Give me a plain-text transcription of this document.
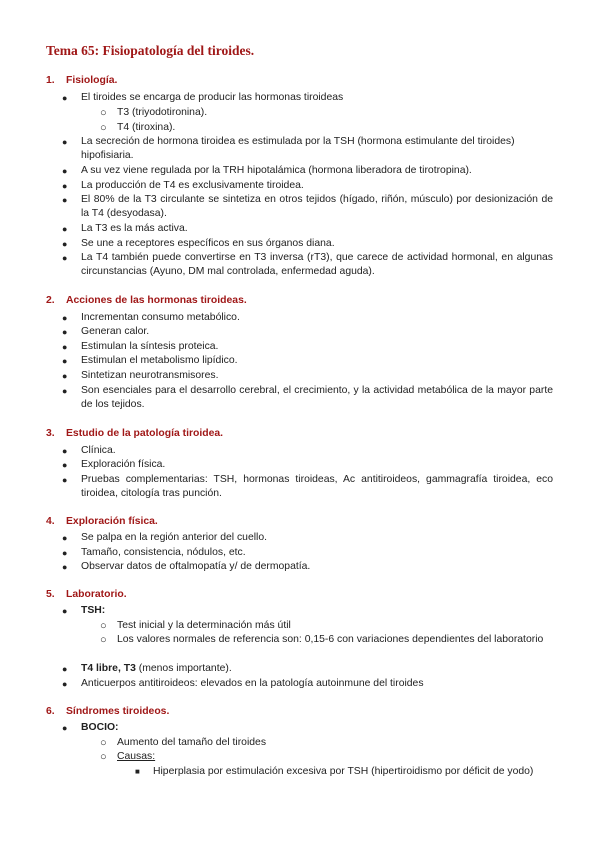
Tema 65: Fisiopatología del tiroides.
1. Fisiología.
● El tiroides se encarga de producir las hormonas tiroideas
○ T3 (triyodotironina).
○ T4 (tiroxina).
● La secreción de hormona tiroidea es estimulada por la TSH (hormona estimulante del tiroides) hipofisiaria.
● A su vez viene regulada por la TRH hipotalámica (hormona liberadora de tirotropina).
● La producción de T4 es exclusivamente tiroidea.
● El 80% de la T3 circulante se sintetiza en otros tejidos (hígado, riñón, músculo) por desionización de la T4 (desyodasa).
● La T3 es la más activa.
● Se une a receptores específicos en sus órganos diana.
● La T4 también puede convertirse en T3 inversa (rT3), que carece de actividad hormonal, en algunas circunstancias (Ayuno, DM mal controlada, enfermedad aguda).
2. Acciones de las hormonas tiroideas.
● Incrementan consumo metabólico.
● Generan calor.
● Estimulan la síntesis proteica.
● Estimulan el metabolismo lipídico.
● Sintetizan neurotransmisores.
● Son esenciales para el desarrollo cerebral, el crecimiento, y la actividad metabólica de la mayor parte de los tejidos.
3. Estudio de la patología tiroidea.
● Clínica.
● Exploración física.
● Pruebas complementarias: TSH, hormonas tiroideas, Ac antitiroideos, gammagrafía tiroidea, eco tiroidea, citología tras punción.
4. Exploración física.
● Se palpa en la región anterior del cuello.
● Tamaño, consistencia, nódulos, etc.
● Observar datos de oftalmopatía y/ de dermopatía.
5. Laboratorio.
● TSH:
○ Test inicial y la determinación más útil
○ Los valores normales de referencia son: 0,15-6 con variaciones dependientes del laboratorio
● T4 libre, T3 (menos importante).
● Anticuerpos antitiroideos: elevados en la patología autoinmune del tiroides
6. Síndromes tiroideos.
● BOCIO:
○ Aumento del tamaño del tiroides
○ Causas:
■ Hiperplasia por estimulación excesiva por TSH (hipertiroidismo por déficit de yodo)
